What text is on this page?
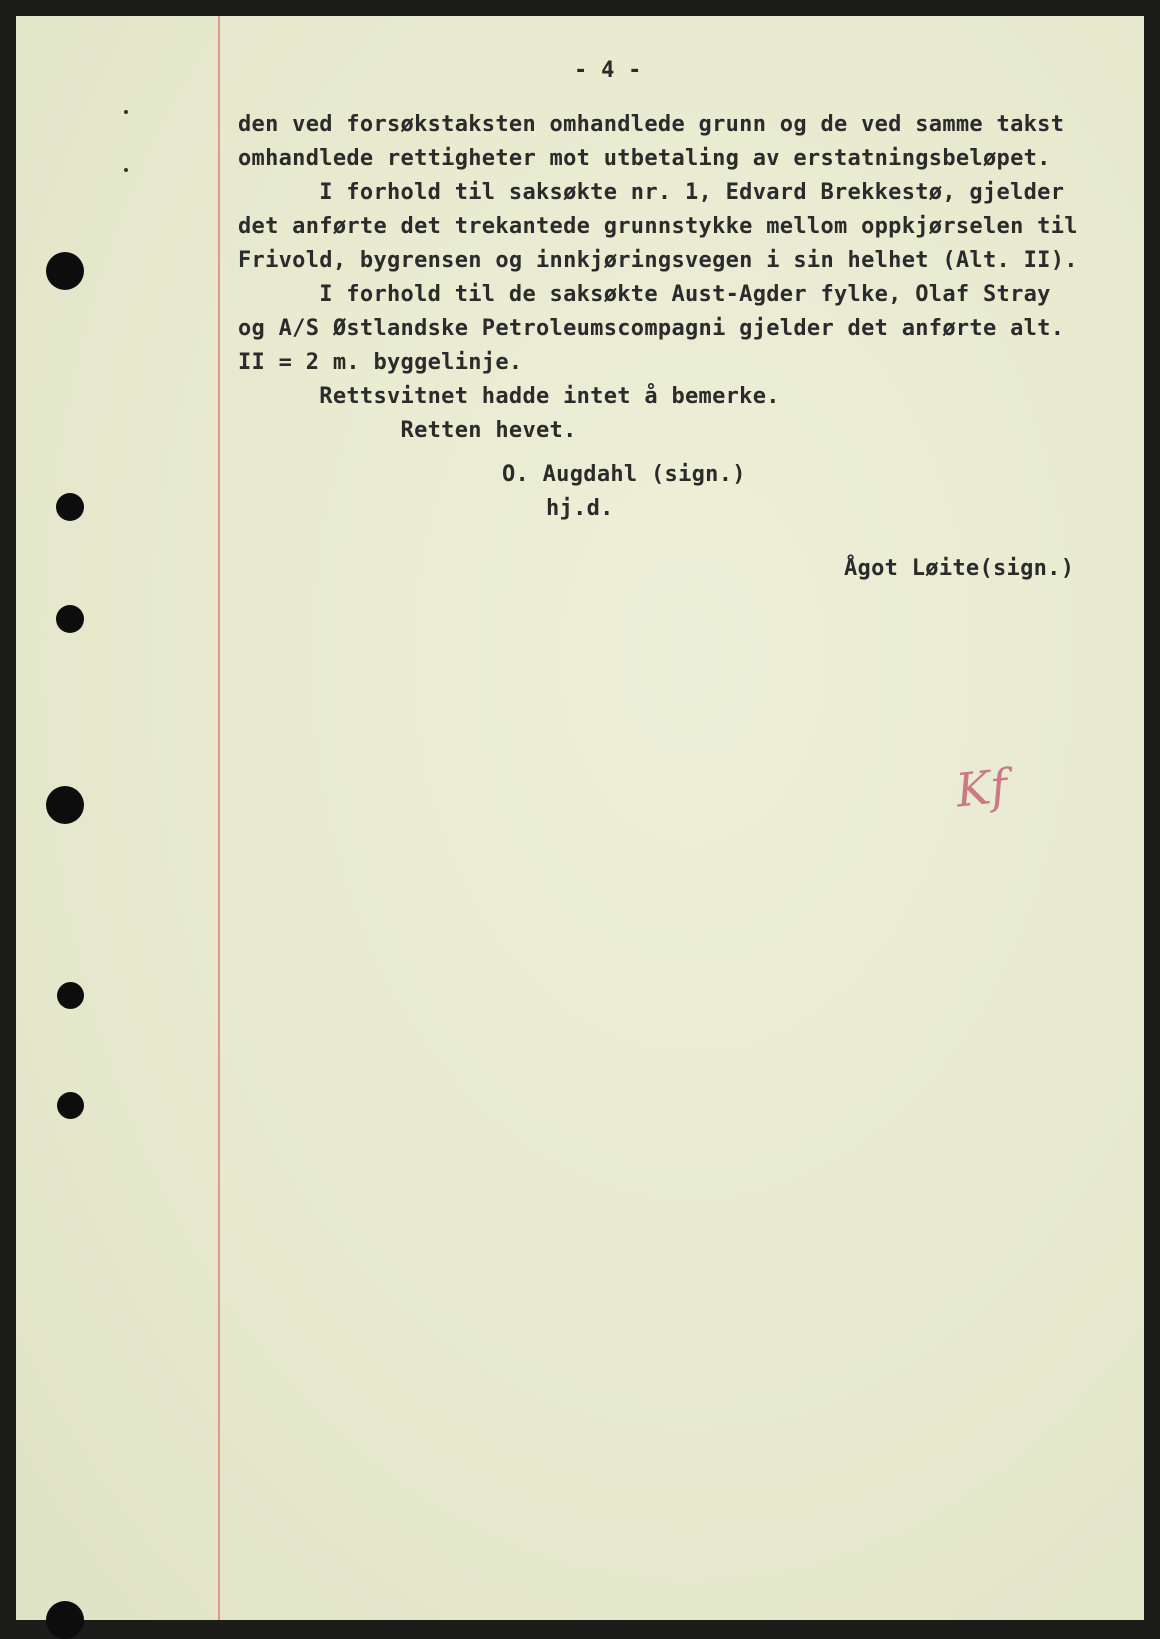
- 4 -
den ved forsøkstaksten omhandlede grunn og de ved samme takst
omhandlede rettigheter mot utbetaling av erstatningsbeløpet.
I forhold til saksøkte nr. 1, Edvard Brekkestø, gjelder
det anførte det trekantede grunnstykke mellom oppkjørselen til
Frivold, bygrensen og innkjøringsvegen i sin helhet (Alt. II).
I forhold til de saksøkte Aust-Agder fylke, Olaf Stray
og A/S Østlandske Petroleumscompagni gjelder det anførte alt.
II = 2 m. byggelinje.
Rettsvitnet hadde intet å bemerke.
Retten hevet.
O. Augdahl (sign.)
hj.d.
Ågot Løite(sign.)
Kf
